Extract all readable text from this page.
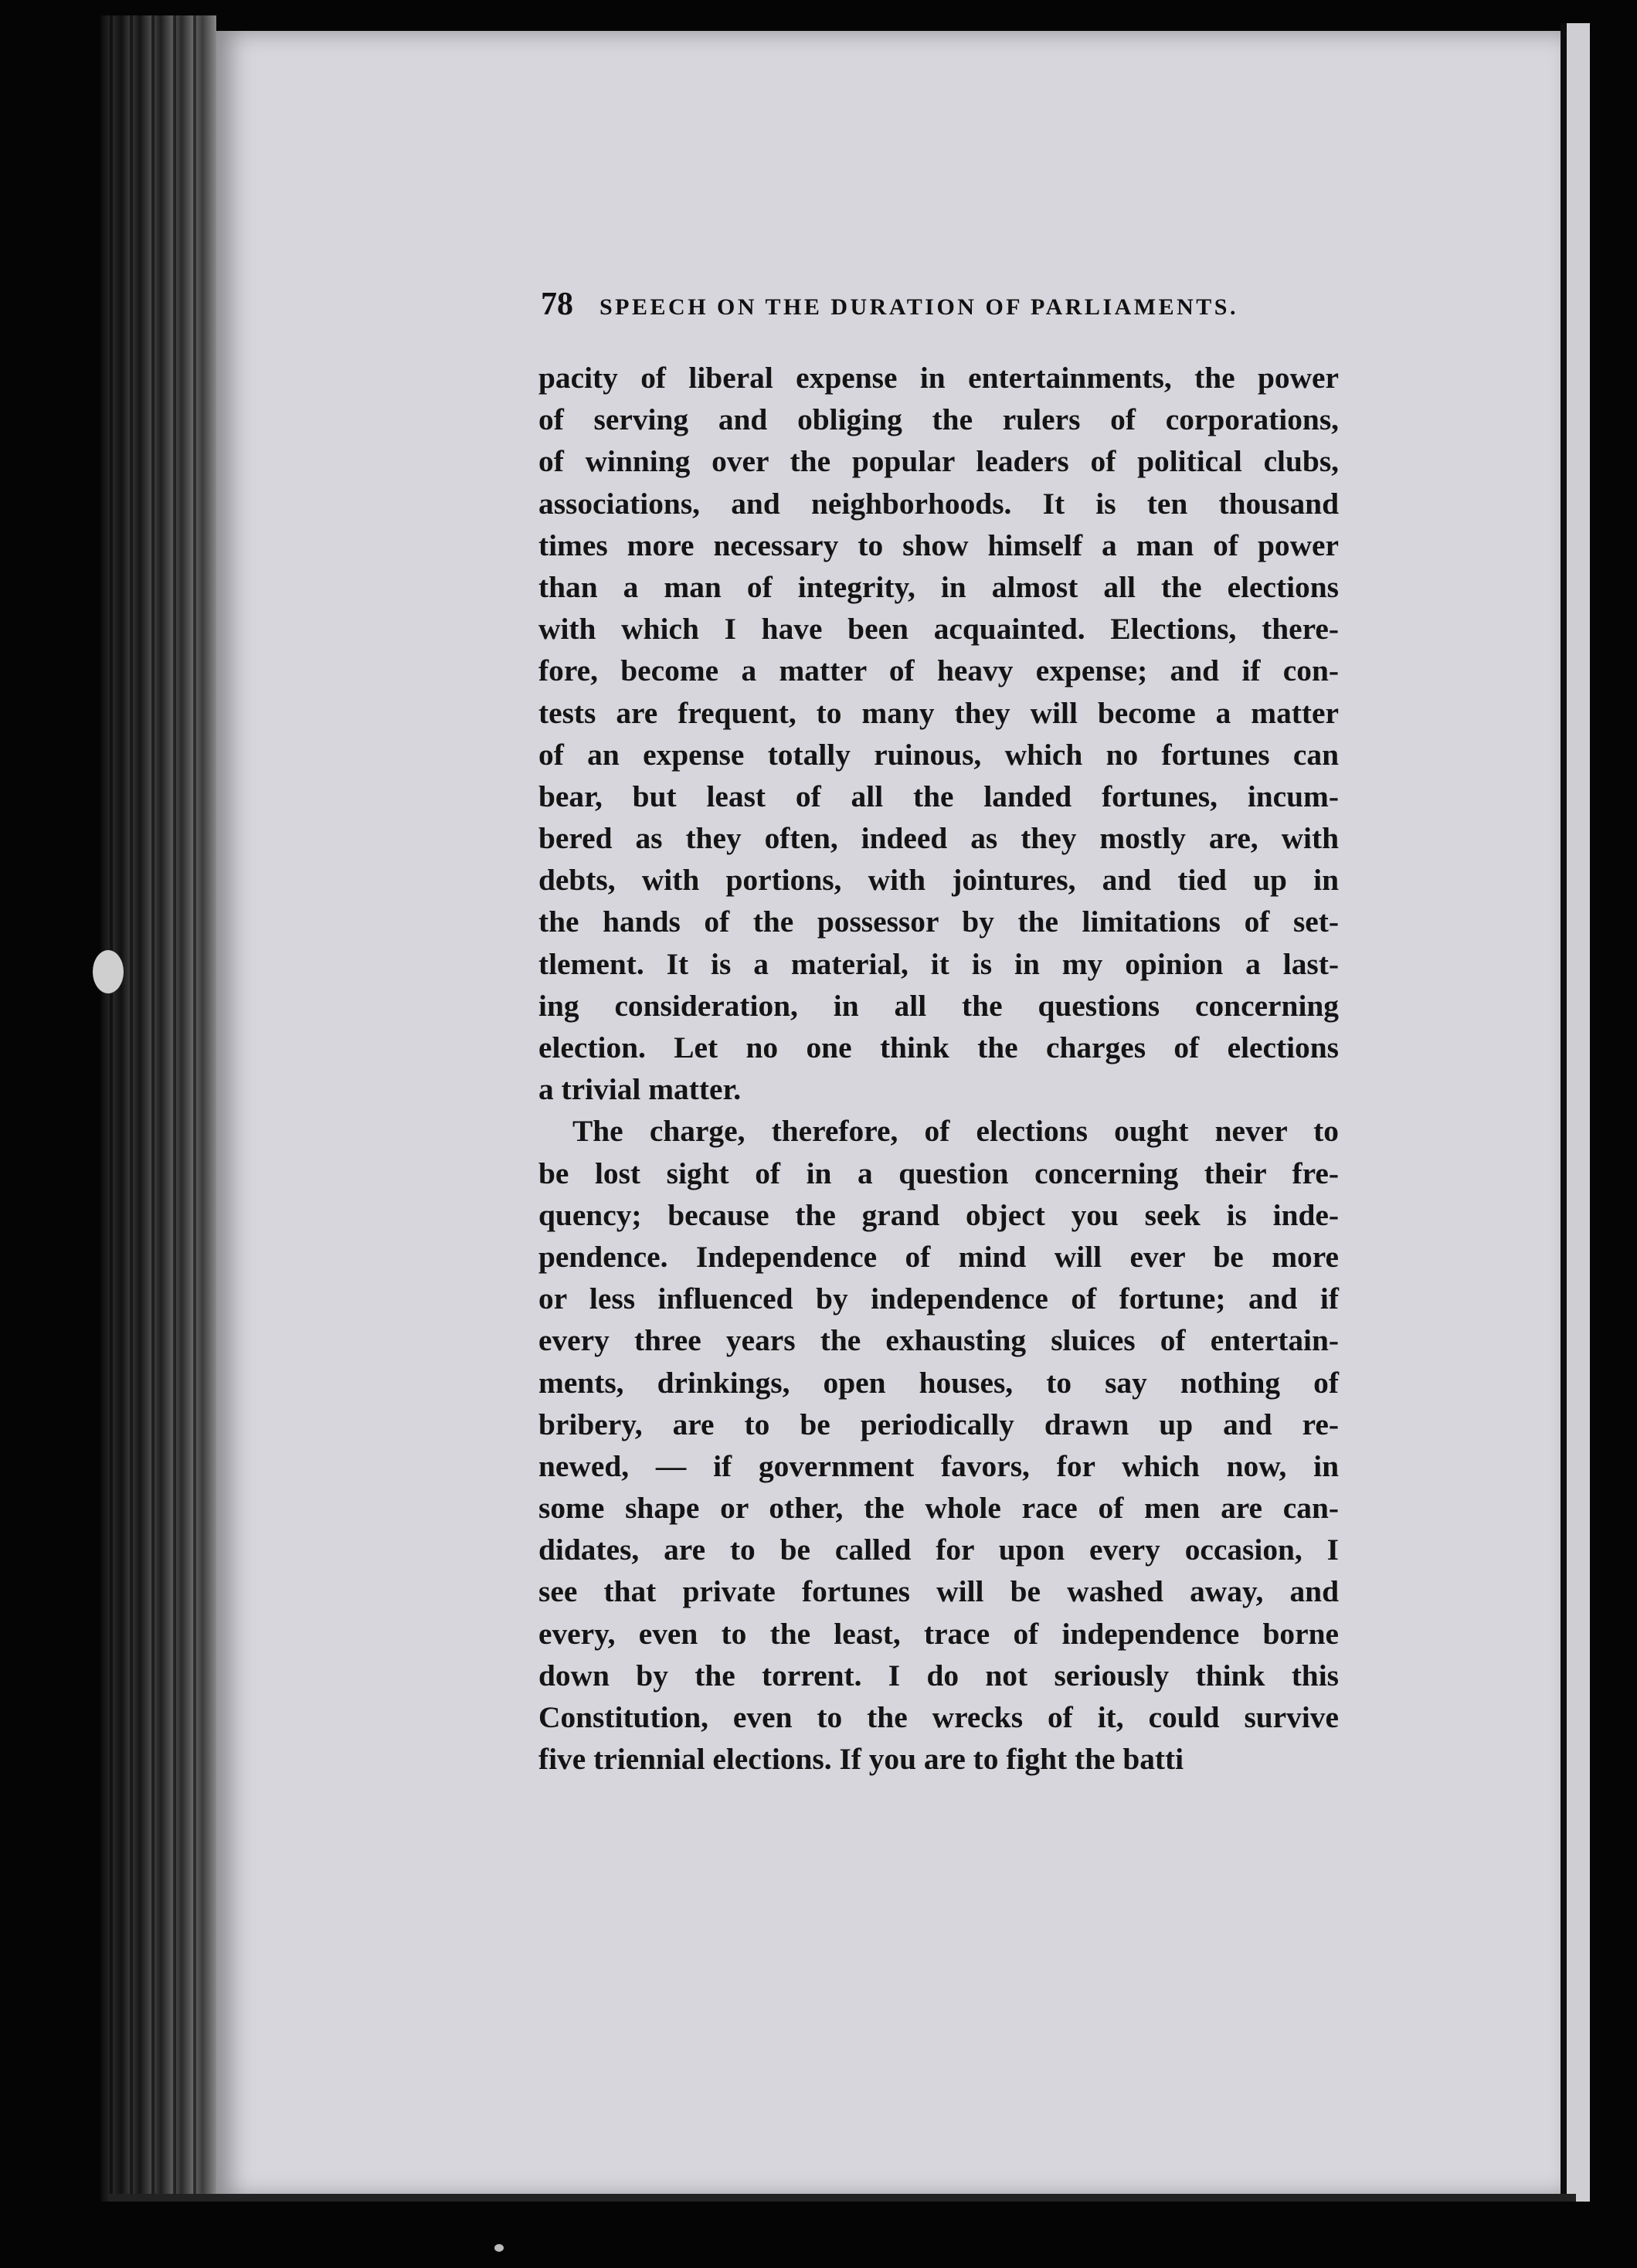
78 SPEECH ON THE DURATION OF PARLIAMENTS.
pacity of liberal expense in entertainments, the power
of serving and obliging the rulers of corporations,
of winning over the popular leaders of political clubs,
associations, and neighborhoods. It is ten thousand
times more necessary to show himself a man of power
than a man of integrity, in almost all the elections
with which I have been acquainted. Elections, there-
fore, become a matter of heavy expense; and if con-
tests are frequent, to many they will become a matter
of an expense totally ruinous, which no fortunes can
bear, but least of all the landed fortunes, incum-
bered as they often, indeed as they mostly are, with
debts, with portions, with jointures, and tied up in
the hands of the possessor by the limitations of set-
tlement. It is a material, it is in my opinion a last-
ing consideration, in all the questions concerning
election. Let no one think the charges of elections
a trivial matter.
The charge, therefore, of elections ought never to
be lost sight of in a question concerning their fre-
quency; because the grand object you seek is inde-
pendence. Independence of mind will ever be more
or less influenced by independence of fortune; and if
every three years the exhausting sluices of entertain-
ments, drinkings, open houses, to say nothing of
bribery, are to be periodically drawn up and re-
newed, — if government favors, for which now, in
some shape or other, the whole race of men are can-
didates, are to be called for upon every occasion, I
see that private fortunes will be washed away, and
every, even to the least, trace of independence borne
down by the torrent. I do not seriously think this
Constitution, even to the wrecks of it, could survive
five triennial elections. If you are to fight the batti
